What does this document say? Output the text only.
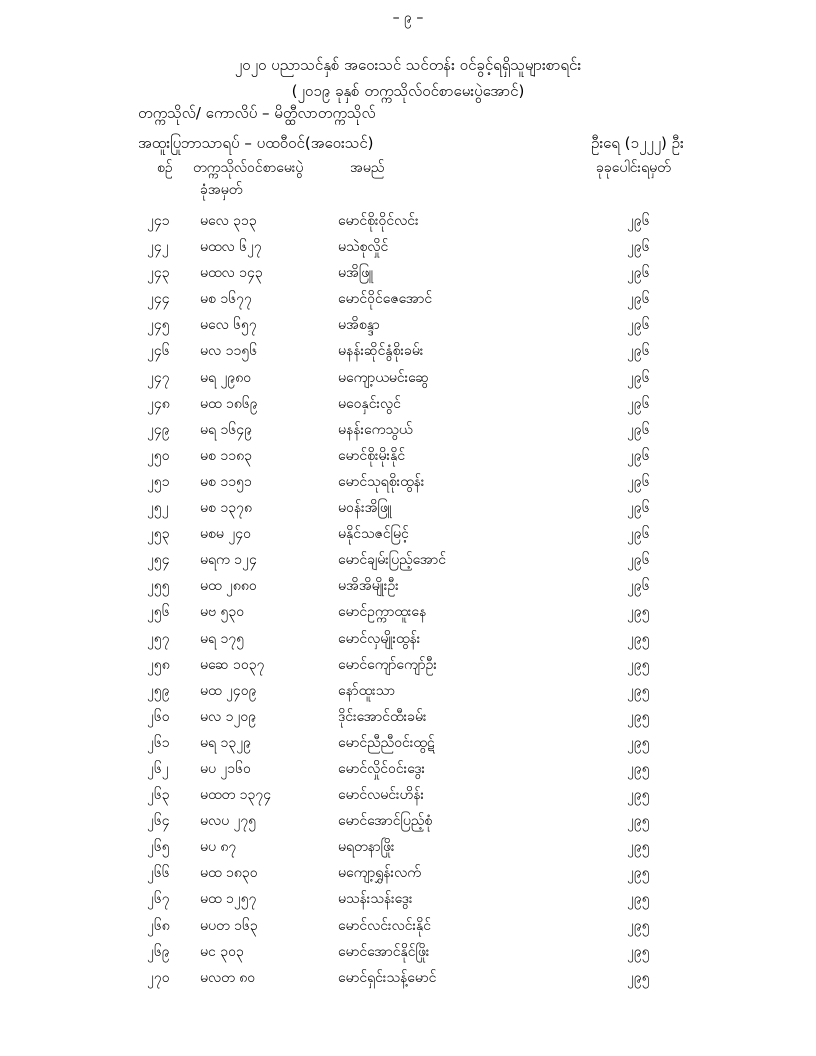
– ၉ –
၂၀၂၀ ပညာသင်နှစ် အဝေးသင် သင်တန်း ဝင်ခွင့်ရရှိသူများစာရင်း
(၂၀၁၉ ခုနှစ် တက္ကသိုလ်ဝင်စာမေးပွဲအောင်)
တက္ကသိုလ်/ ကောလိပ် – မိတ္ထီလာတက္ကသိုလ်
အထူးပြုဘာသာရပ် – ပထဝီဝင်(အဝေးသင်)	ဦးရေ (၁၂၂၂) ဦး
စဉ် တက္ကသိုလ်ဝင်စာမေးပွဲ
ခုံအမှတ်
အမည်	ခုခုပေါင်းရမှတ်
၂၄၁ မလေ ၃၁၃	မောင်စိုးဝိုင်လင်း	၂၉၆
၂၄၂ မထလ ၆၂၇	မသဲစုလှိုင်	၂၉၆
၂၄၃ မထလ ၁၄၃	မအိဖြူ	၂၉၆
၂၄၄ မစ ၁၆၇၇	မောင်ဝိုင်ဇေအောင်	၂၉၆
၂၄၅ မလေ ၆၅၇	မအိစန္ဒာ	၂၉၆
၂၄၆ မလ ၁၁၅၆	မနန်းဆိုင်နွံစိုးခမ်း	၂၉၆
၂၄၇ မရ ၂၉၈၀	မကျော့ယမင်းဆွေ	၂၉၆
၂၄၈ မထ ၁၈၆၉	မဝေနှင်းလွင်	၂၉၆
၂၄၉ မရ ၁၆၄၉	မနန်းကေသွယ်	၂၉၆
၂၅၀ မစ ၁၁၈၃	မောင်စိုးမိုးနိုင်	၂၉၆
၂၅၁ မစ ၁၁၅၁	မောင်သုရစိုးထွန်း	၂၉၆
၂၅၂ မစ ၁၃၇၈	မဝန်းအိဖြူ	၂၉၆
၂၅၃ မစမ ၂၄၀	မနိုင်သဇင်မြင့်	၂၉၆
၂၅၄ မရက ၁၂၄	မောင်ချမ်းပြည့်အောင်	၂၉၆
၂၅၅ မထ ၂၈၈၀	မအိအိမျိုးဦး	၂၉၆
၂၅၆ မဗ ၅၃၀	မောင်ဥက္ကာထူးနေ	၂၉၅
၂၅၇ မရ ၁၇၅	မောင်လှမျိုးထွန်း	၂၉၅
၂၅၈ မဆေ ၁၀၃၇	မောင်ကျော်ကျော်ဦး	၂၉၅
၂၅၉ မထ ၂၄၀၉	နော်ထူးသာ	၂၉၅
၂၆၀ မလ ၁၂၀၉	ဒိုင်းအောင်ထီးခမ်း	၂၉၅
၂၆၁ မရ ၁၃၂၉	မောင်ညီညီဝင်းထွဋ်	၂၉၅
၂၆၂ မပ ၂၁၆၀	မောင်လှိုင်ဝင်းဒွေး	၂၉၅
၂၆၃ မထတ ၁၃၇၄	မောင်လမင်းဟိန်း	၂၉၅
၂၆၄ မလပ ၂၇၅	မောင်အောင်ပြည့်စုံ	၂၉၅
၂၆၅ မပ ၈၇	မရတနာဖြိုး	၂၉၅
၂၆၆ မထ ၁၈၃၀	မကျော့ရွှန်းလက်	၂၉၅
၂၆၇ မထ ၁၂၅၇	မသန်းသန်းဒွေး	၂၉၅
၂၆၈ မပတ ၁၆၃	မောင်လင်းလင်းနိုင်	၂၉၅
၂၆၉ မင ၃၀၃	မောင်အောင်နိုင်ဖြိုး	၂၉၅
၂၇၀ မလတ ၈၀	မောင်ရှင်းသန့်မောင်	၂၉၅
